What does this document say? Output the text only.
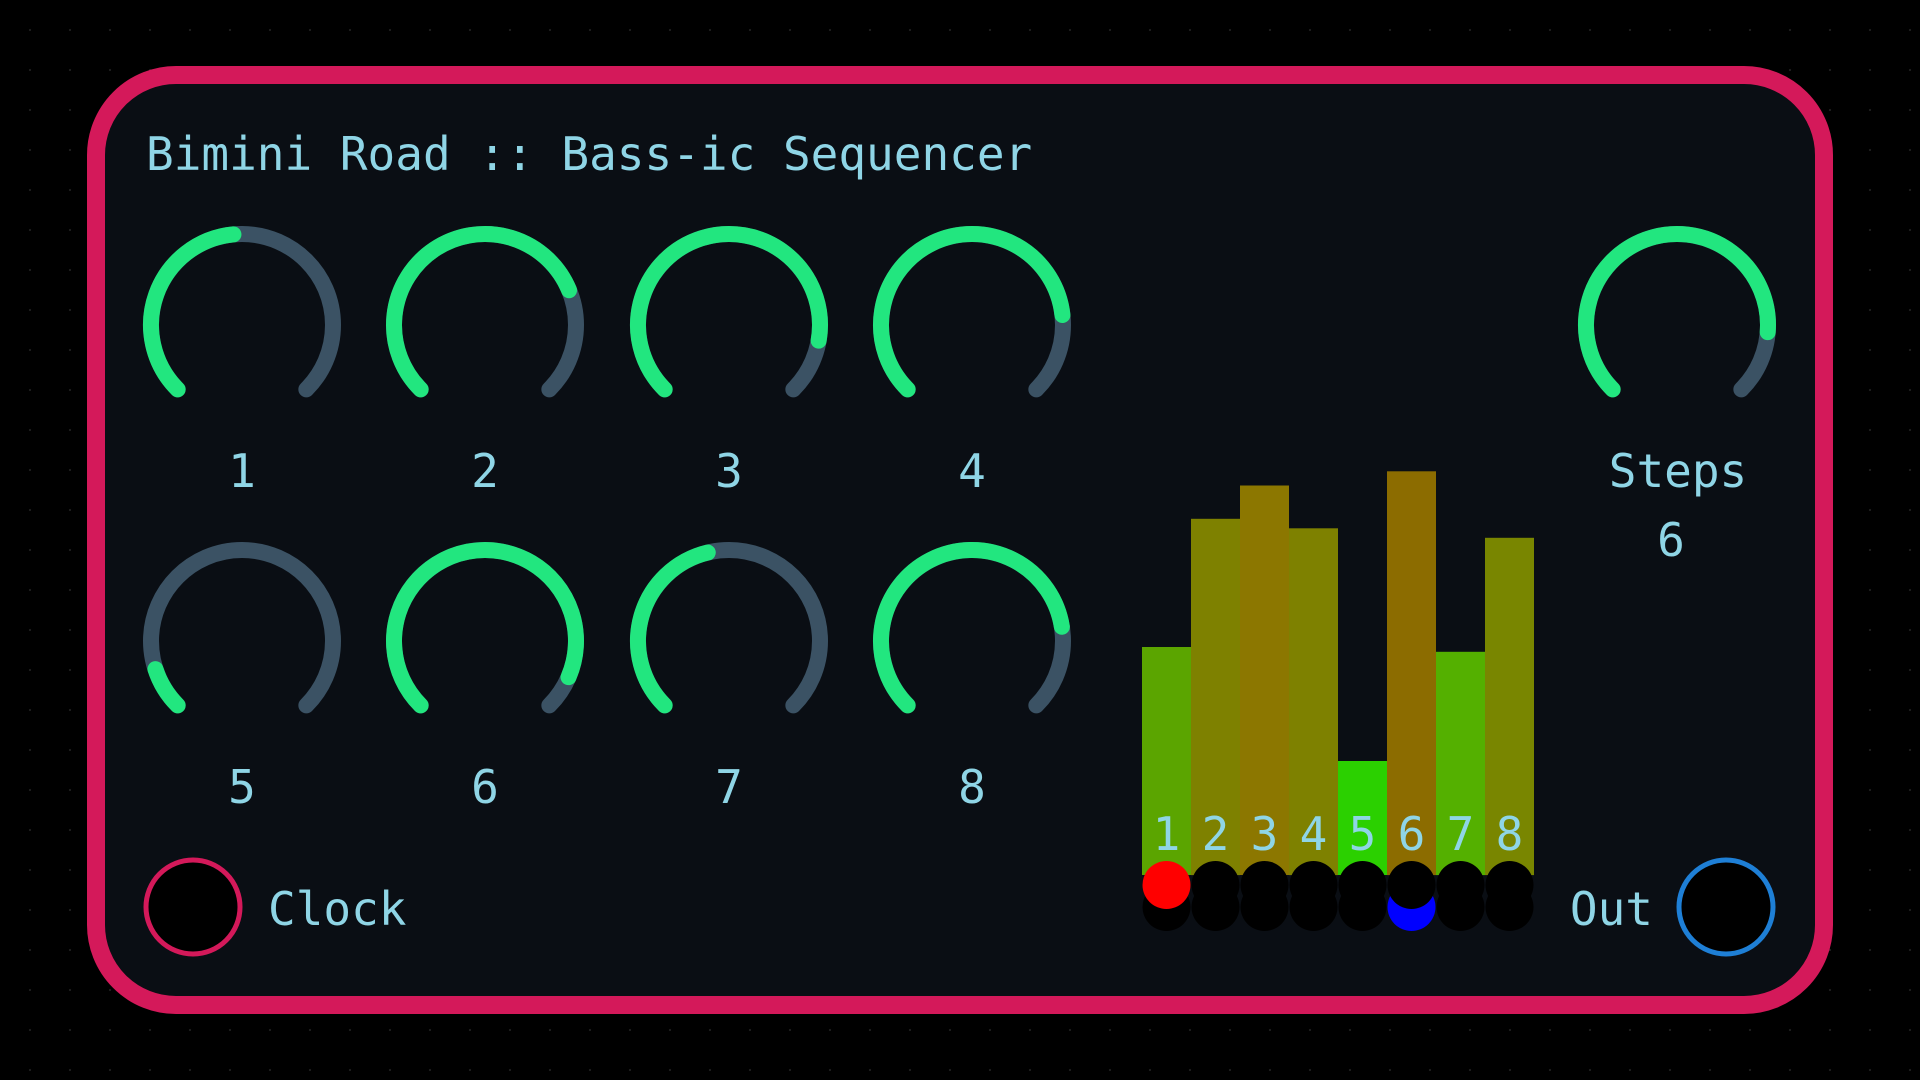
Bimini Road :: Bass-ic Sequencer
1	2	3	4
5	6	7	8
Steps
6
1 2 3 4 5 6 7 8
Clock	Out
